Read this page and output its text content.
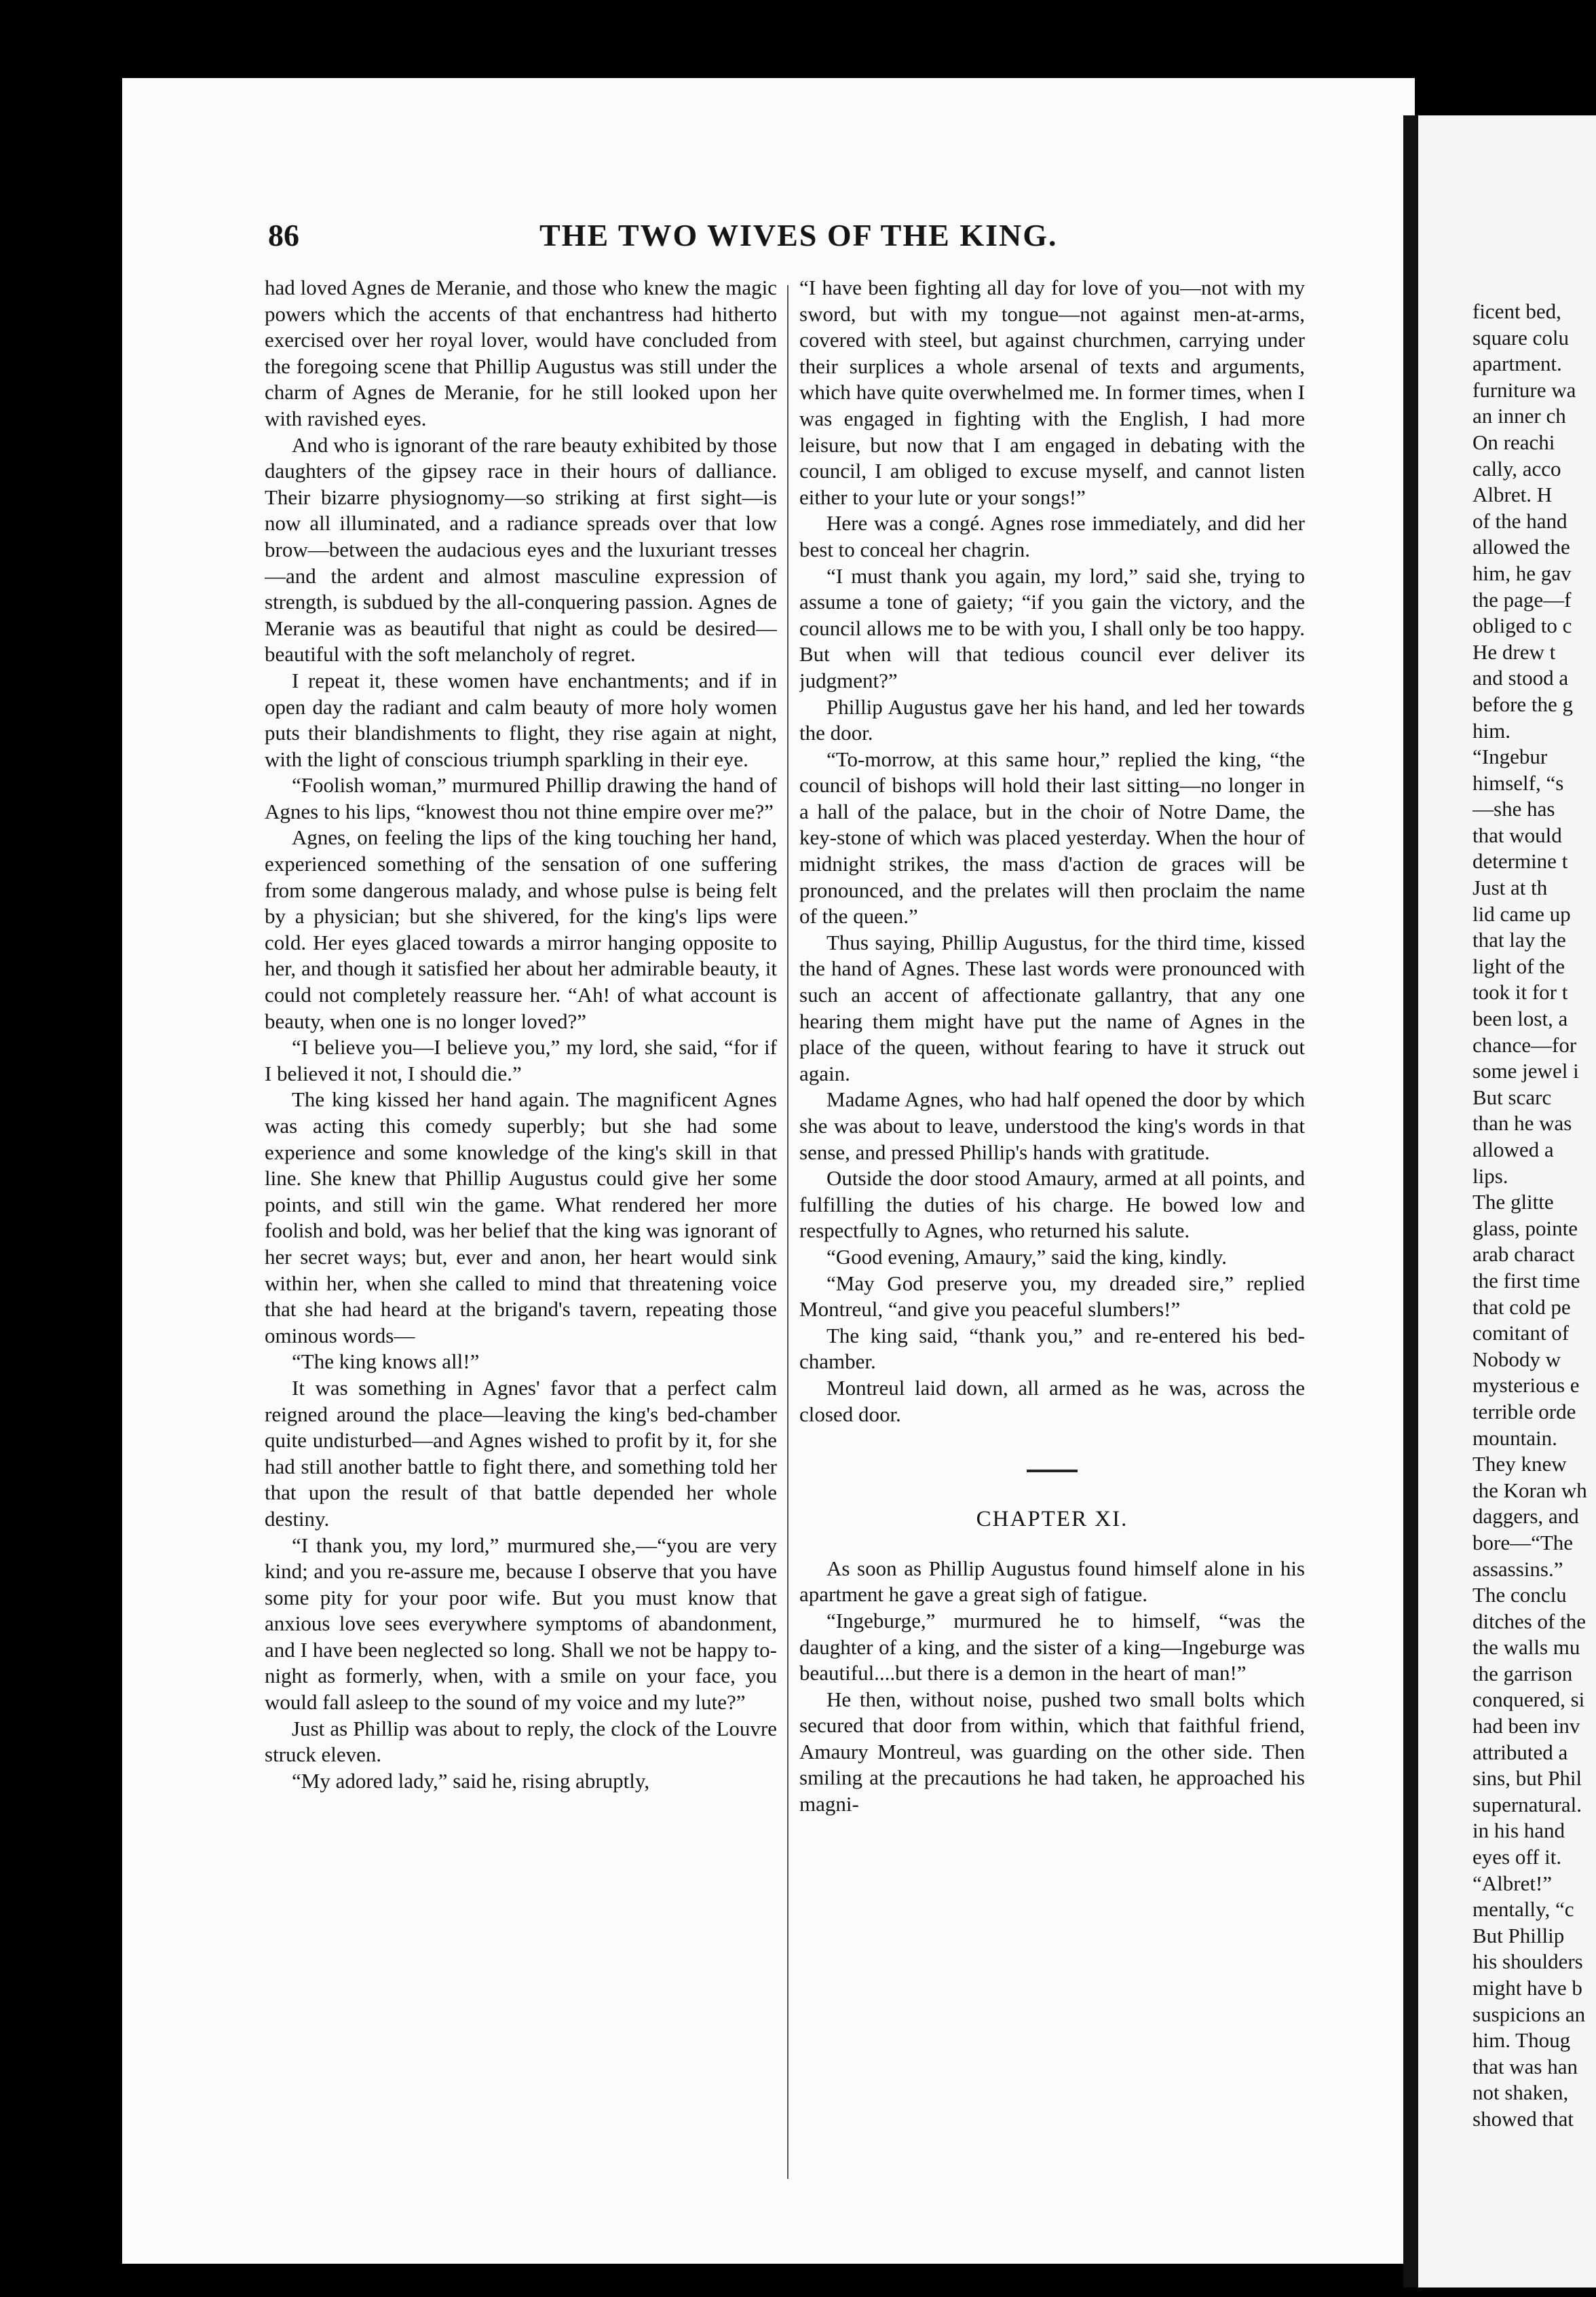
86	THE TWO WIVES OF THE KING.

had loved Agnes de Meranie, and those who knew the magic powers which the accents of that enchantress had hitherto exercised over her royal lover, would have concluded from the foregoing scene that Phillip Augustus was still under the charm of Agnes de Meranie, for he still looked upon her with ravished eyes.

And who is ignorant of the rare beauty exhibited by those daughters of the gipsey race in their hours of dalliance. Their bizarre physiognomy—so striking at first sight—is now all illuminated, and a radiance spreads over that low brow—between the audacious eyes and the luxuriant tresses—and the ardent and almost masculine expression of strength, is subdued by the all-conquering passion. Agnes de Meranie was as beautiful that night as could be desired—beautiful with the soft melancholy of regret.

I repeat it, these women have enchantments; and if in open day the radiant and calm beauty of more holy women puts their blandishments to flight, they rise again at night, with the light of conscious triumph sparkling in their eye.

“Foolish woman,” murmured Phillip drawing the hand of Agnes to his lips, “knowest thou not thine empire over me?”

Agnes, on feeling the lips of the king touching her hand, experienced something of the sensation of one suffering from some dangerous malady, and whose pulse is being felt by a physician; but she shivered, for the king's lips were cold. Her eyes glaced towards a mirror hanging opposite to her, and though it satisfied her about her admirable beauty, it could not completely reassure her. “Ah! of what account is beauty, when one is no longer loved?”

“I believe you—I believe you,” my lord, she said, “for if I believed it not, I should die.”

The king kissed her hand again. The magnificent Agnes was acting this comedy superbly; but she had some experience and some knowledge of the king's skill in that line. She knew that Phillip Augustus could give her some points, and still win the game. What rendered her more foolish and bold, was her belief that the king was ignorant of her secret ways; but, ever and anon, her heart would sink within her, when she called to mind that threatening voice that she had heard at the brigand's tavern, repeating those ominous words—

“The king knows all!”

It was something in Agnes' favor that a perfect calm reigned around the place—leaving the king's bed-chamber quite undisturbed—and Agnes wished to profit by it, for she had still another battle to fight there, and something told her that upon the result of that battle depended her whole destiny.

“I thank you, my lord,” murmured she,—“you are very kind; and you re-assure me, because I observe that you have some pity for your poor wife. But you must know that anxious love sees everywhere symptoms of abandonment, and I have been neglected so long. Shall we not be happy to-night as formerly, when, with a smile on your face, you would fall asleep to the sound of my voice and my lute?”

Just as Phillip was about to reply, the clock of the Louvre struck eleven.

“My adored lady,” said he, rising abruptly,

“I have been fighting all day for love of you—not with my sword, but with my tongue—not against men-at-arms, covered with steel, but against churchmen, carrying under their surplices a whole arsenal of texts and arguments, which have quite overwhelmed me. In former times, when I was engaged in fighting with the English, I had more leisure, but now that I am engaged in debating with the council, I am obliged to excuse myself, and cannot listen either to your lute or your songs!”

Here was a congé. Agnes rose immediately, and did her best to conceal her chagrin.

“I must thank you again, my lord,” said she, trying to assume a tone of gaiety; “if you gain the victory, and the council allows me to be with you, I shall only be too happy. But when will that tedious council ever deliver its judgment?”

Phillip Augustus gave her his hand, and led her towards the door.

“To-morrow, at this same hour,” replied the king, “the council of bishops will hold their last sitting—no longer in a hall of the palace, but in the choir of Notre Dame, the key-stone of which was placed yesterday. When the hour of midnight strikes, the mass d'action de graces will be pronounced, and the prelates will then proclaim the name of the queen.”

Thus saying, Phillip Augustus, for the third time, kissed the hand of Agnes. These last words were pronounced with such an accent of affectionate gallantry, that any one hearing them might have put the name of Agnes in the place of the queen, without fearing to have it struck out again.

Madame Agnes, who had half opened the door by which she was about to leave, understood the king's words in that sense, and pressed Phillip's hands with gratitude.

Outside the door stood Amaury, armed at all points, and fulfilling the duties of his charge. He bowed low and respectfully to Agnes, who returned his salute.

“Good evening, Amaury,” said the king, kindly.

“May God preserve you, my dreaded sire,” replied Montreul, “and give you peaceful slumbers!”

The king said, “thank you,” and re-entered his bed-chamber.

Montreul laid down, all armed as he was, across the closed door.

CHAPTER XI.

As soon as Phillip Augustus found himself alone in his apartment he gave a great sigh of fatigue.

“Ingeburge,” murmured he to himself, “was the daughter of a king, and the sister of a king—Ingeburge was beautiful....but there is a demon in the heart of man!”

He then, without noise, pushed two small bolts which secured that door from within, which that faithful friend, Amaury Montreul, was guarding on the other side. Then smiling at the precautions he had taken, he approached his magni-

ficent bed,
square colu
apartment.
furniture wa
an inner ch
On reachi
cally, acco
Albret. H
of the hand
allowed the
him, he gav
the page—f
obliged to c
He drew t
and stood a
before the g
him.
“Ingebur
himself, “s
—she has
that would
determine t
Just at th
lid came up
that lay the
light of the
took it for t
been lost, a
chance—for
some jewel i
But scarc
than he was
allowed a
lips.
The glitte
glass, pointe
arab charact
the first time
that cold pe
comitant of
Nobody w
mysterious e
terrible orde
mountain.
They knew
the Koran wh
daggers, and
bore—“The
assassins.”
The conclu
ditches of the
the walls mu
the garrison
conquered, si
had been inv
attributed a
sins, but Phil
supernatural.
in his hand
eyes off it.
“Albret!”
mentally, “c
But Phillip
his shoulders
might have b
suspicions an
him. Thoug
that was han
not shaken,
showed that
